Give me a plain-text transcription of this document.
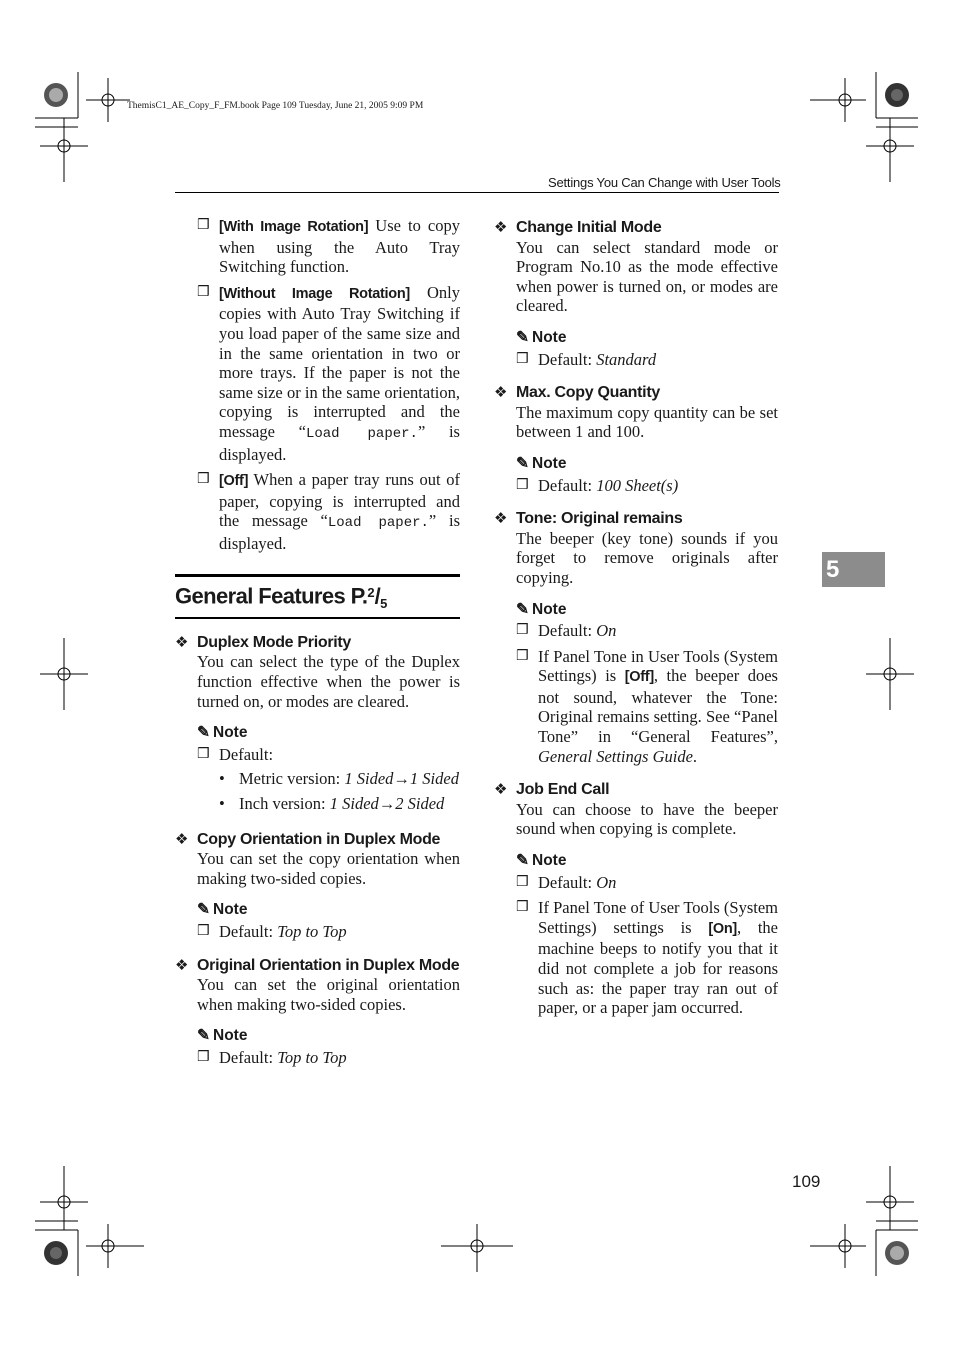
ThemisC1_AE_Copy_F_FM.book Page 109 Tuesday, June 21, 2005 9:09 PM
Settings You Can Change with User Tools
❒ [With Image Rotation] Use to copy when using the Auto Tray Switching function.
❒ [Without Image Rotation] Only copies with Auto Tray Switching if you load paper of the same size and in the same orientation in two or more trays. If the paper is not the same size or in the same orientation, copying is interrupted and the message “Load paper.” is displayed.
❒ [Off] When a paper tray runs out of paper, copying is interrupted and the message “Load paper.” is displayed.
General Features $P.^2/_5$
❖ Duplex Mode Priority

You can select the type of the Duplex function effective when the power is turned on, or modes are cleared.

✎ Note
❒ Default:
• Metric version: 1 Sided→1 Sided
• Inch version: 1 Sided→2 Sided
❖ Copy Orientation in Duplex Mode

You can set the copy orientation when making two-sided copies.

✎ Note
❒ Default: Top to Top
❖ Original Orientation in Duplex Mode

You can set the original orientation when making two-sided copies.

✎ Note
❒ Default: Top to Top
❖ Change Initial Mode

You can select standard mode or Program No.10 as the mode effective when power is turned on, or modes are cleared.

✎ Note
❒ Default: Standard
❖ Max. Copy Quantity

The maximum copy quantity can be set between 1 and 100.

✎ Note
❒ Default: 100 Sheet(s)
❖ Tone: Original remains

The beeper (key tone) sounds if you forget to remove originals after copying.

✎ Note
❒ Default: On
❒ If Panel Tone in User Tools (System Settings) is [Off], the beeper does not sound, whatever the Tone: Original remains setting. See “Panel Tone” in “General Features”, General Settings Guide.
❖ Job End Call

You can choose to have the beeper sound when copying is complete.

✎ Note
❒ Default: On
❒ If Panel Tone of User Tools (System Settings) settings is [On], the machine beeps to notify you that it did not complete a job for reasons such as: the paper tray ran out of paper, or a paper jam occurred.
5
109
